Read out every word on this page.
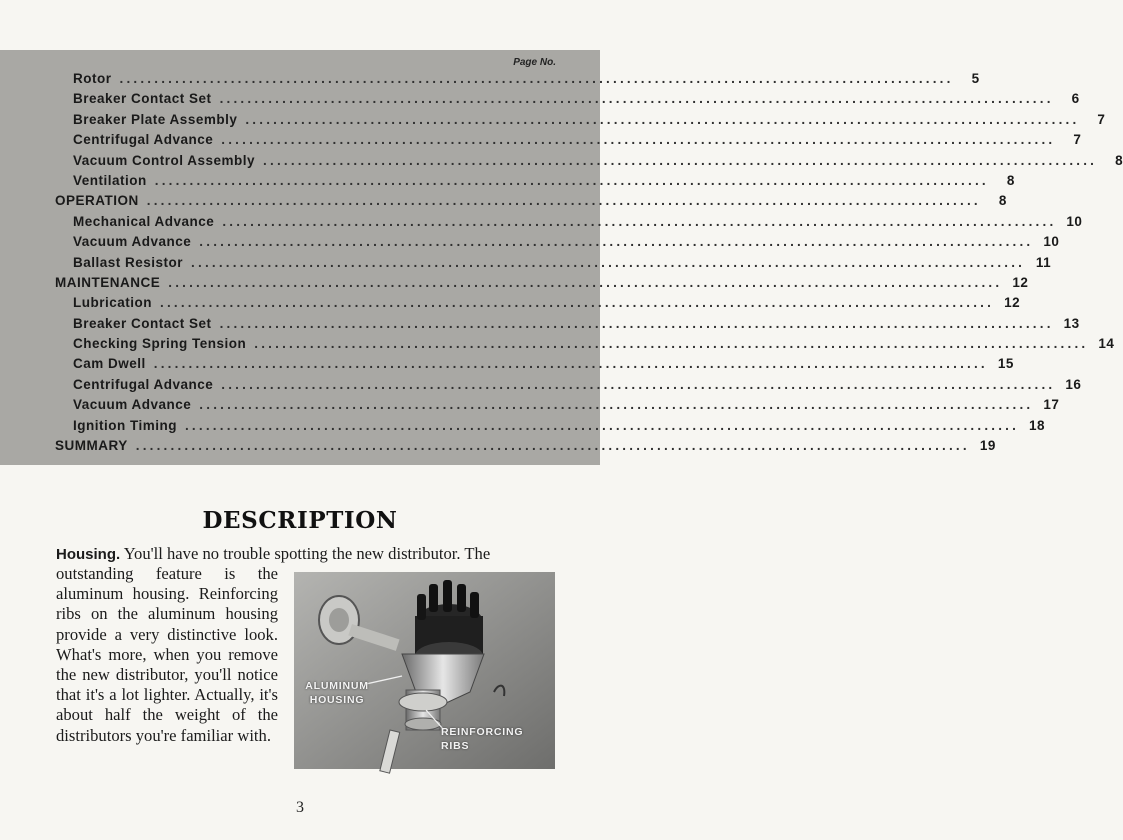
Page No.
Rotor ........................................................................................................................	5
Breaker Contact Set ........................................................................................................................	6
Breaker Plate Assembly ........................................................................................................................	7
Centrifugal Advance ........................................................................................................................	7
Vacuum Control Assembly ........................................................................................................................	8
Ventilation ........................................................................................................................	8
OPERATION ........................................................................................................................	8
Mechanical Advance ........................................................................................................................ 10
Vacuum Advance ........................................................................................................................ 10
Ballast Resistor ........................................................................................................................ 11
MAINTENANCE ........................................................................................................................ 12
Lubrication ........................................................................................................................ 12
Breaker Contact Set ........................................................................................................................ 13
Checking Spring Tension ........................................................................................................................ 14
Cam Dwell ........................................................................................................................ 15
Centrifugal Advance ........................................................................................................................ 16
Vacuum Advance ........................................................................................................................ 17
Ignition Timing ........................................................................................................................ 18
SUMMARY ........................................................................................................................ 19
DESCRIPTION
Housing. You'll have no trouble spotting the new distributor. The
outstanding feature is the aluminum housing. Reinforcing ribs on the aluminum housing provide a very distinctive look. What's more, when you remove the new distributor, you'll notice that it's a lot lighter. Actually, it's about half the weight of the distributors you're familiar with.
ALUMINUM HOUSING
REINFORCING RIBS
3
